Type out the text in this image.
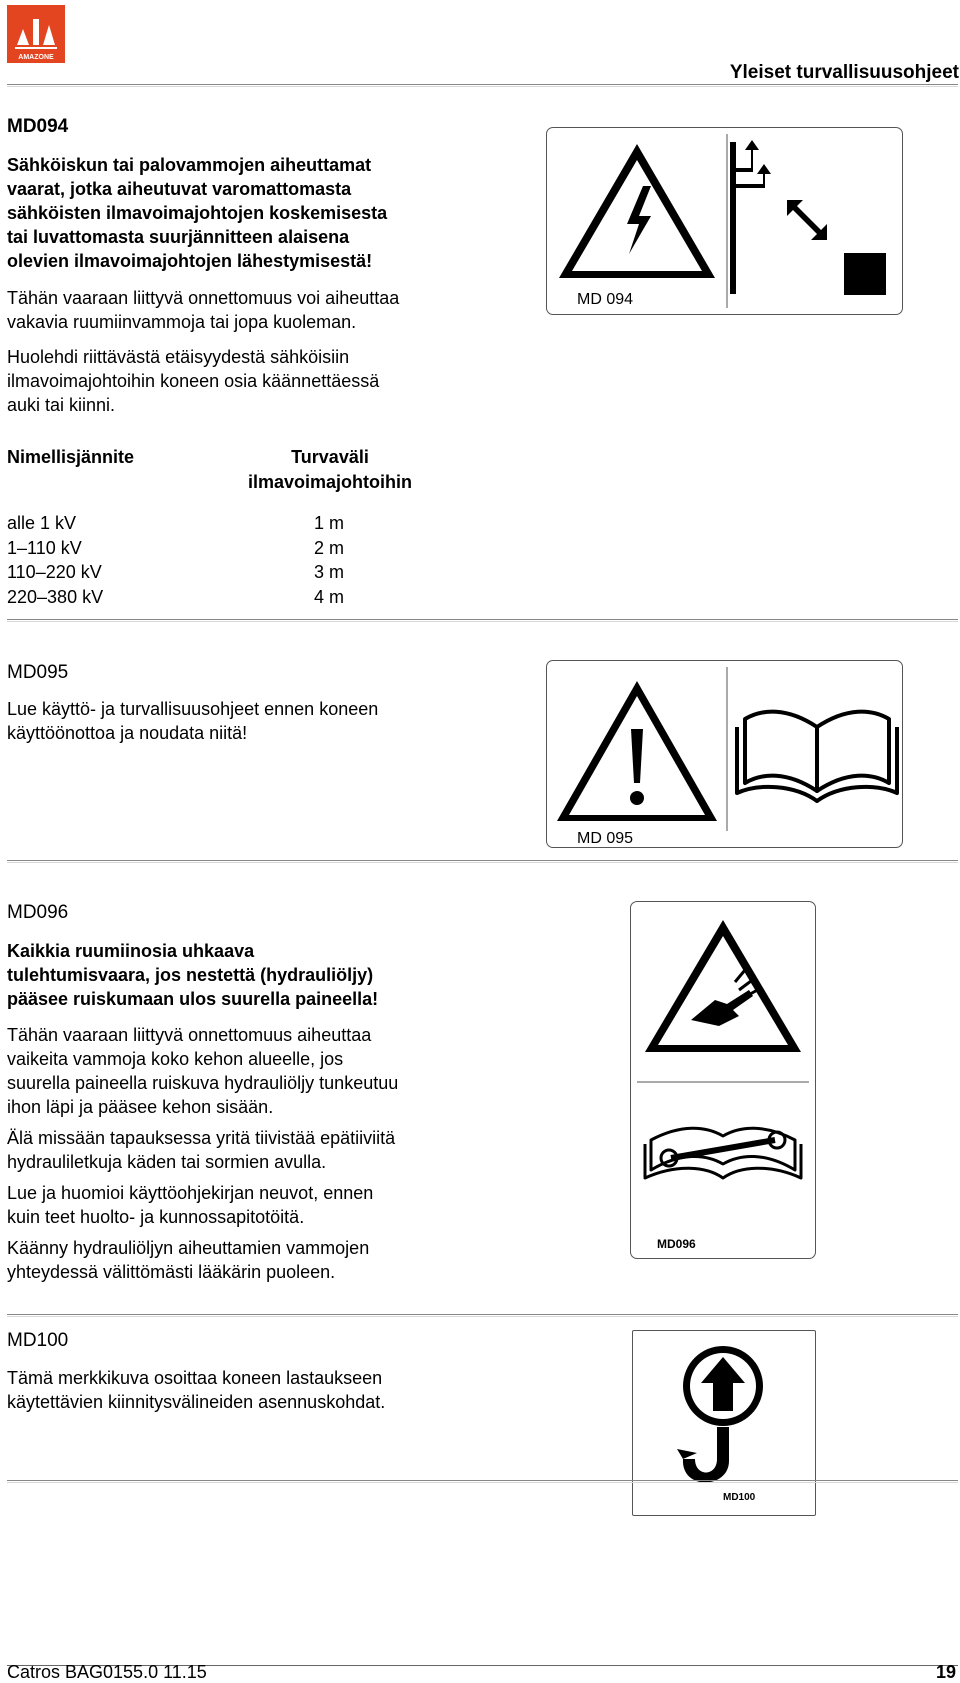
AMAZONE
Yleiset turvallisuusohjeet
MD094
Sähköiskun tai palovammojen aiheuttamat
vaarat, jotka aiheutuvat varomattomasta
sähköisten ilmavoimajohtojen koskemisesta
tai luvattomasta suurjännitteen alaisena
olevien ilmavoimajohtojen lähestymisestä!
Tähän vaaraan liittyvä onnettomuus voi aiheuttaa
vakavia ruumiinvammoja tai jopa kuoleman.
Huolehdi riittävästä etäisyydestä sähköisiin
ilmavoimajohtoihin koneen osia käännettäessä
auki tai kiinni.
Nimellisjännite	Turvaväli
ilmavoimajohtoihin
alle 1 kV
1–110 kV
110–220 kV
220–380 kV
1 m
2 m
3 m
4 m
MD 094
MD095
Lue käyttö- ja turvallisuusohjeet ennen koneen
käyttöönottoa ja noudata niitä!
MD 095
MD096
Kaikkia ruumiinosia uhkaava
tulehtumisvaara, jos nestettä (hydrauliöljy)
pääsee ruiskumaan ulos suurella paineella!
Tähän vaaraan liittyvä onnettomuus aiheuttaa
vaikeita vammoja koko kehon alueelle, jos
suurella paineella ruiskuva hydrauliöljy tunkeutuu
ihon läpi ja pääsee kehon sisään.
Älä missään tapauksessa yritä tiivistää epätiiviitä
hydrauliletkuja käden tai sormien avulla.
Lue ja huomioi käyttöohjekirjan neuvot, ennen
kuin teet huolto- ja kunnossapitotöitä.
Käänny hydrauliöljyn aiheuttamien vammojen
yhteydessä välittömästi lääkärin puoleen.
MD096
MD100
Tämä merkkikuva osoittaa koneen lastaukseen
käytettävien kiinnitysvälineiden asennuskohdat.
MD100
Catros BAG0155.0 11.15	19
